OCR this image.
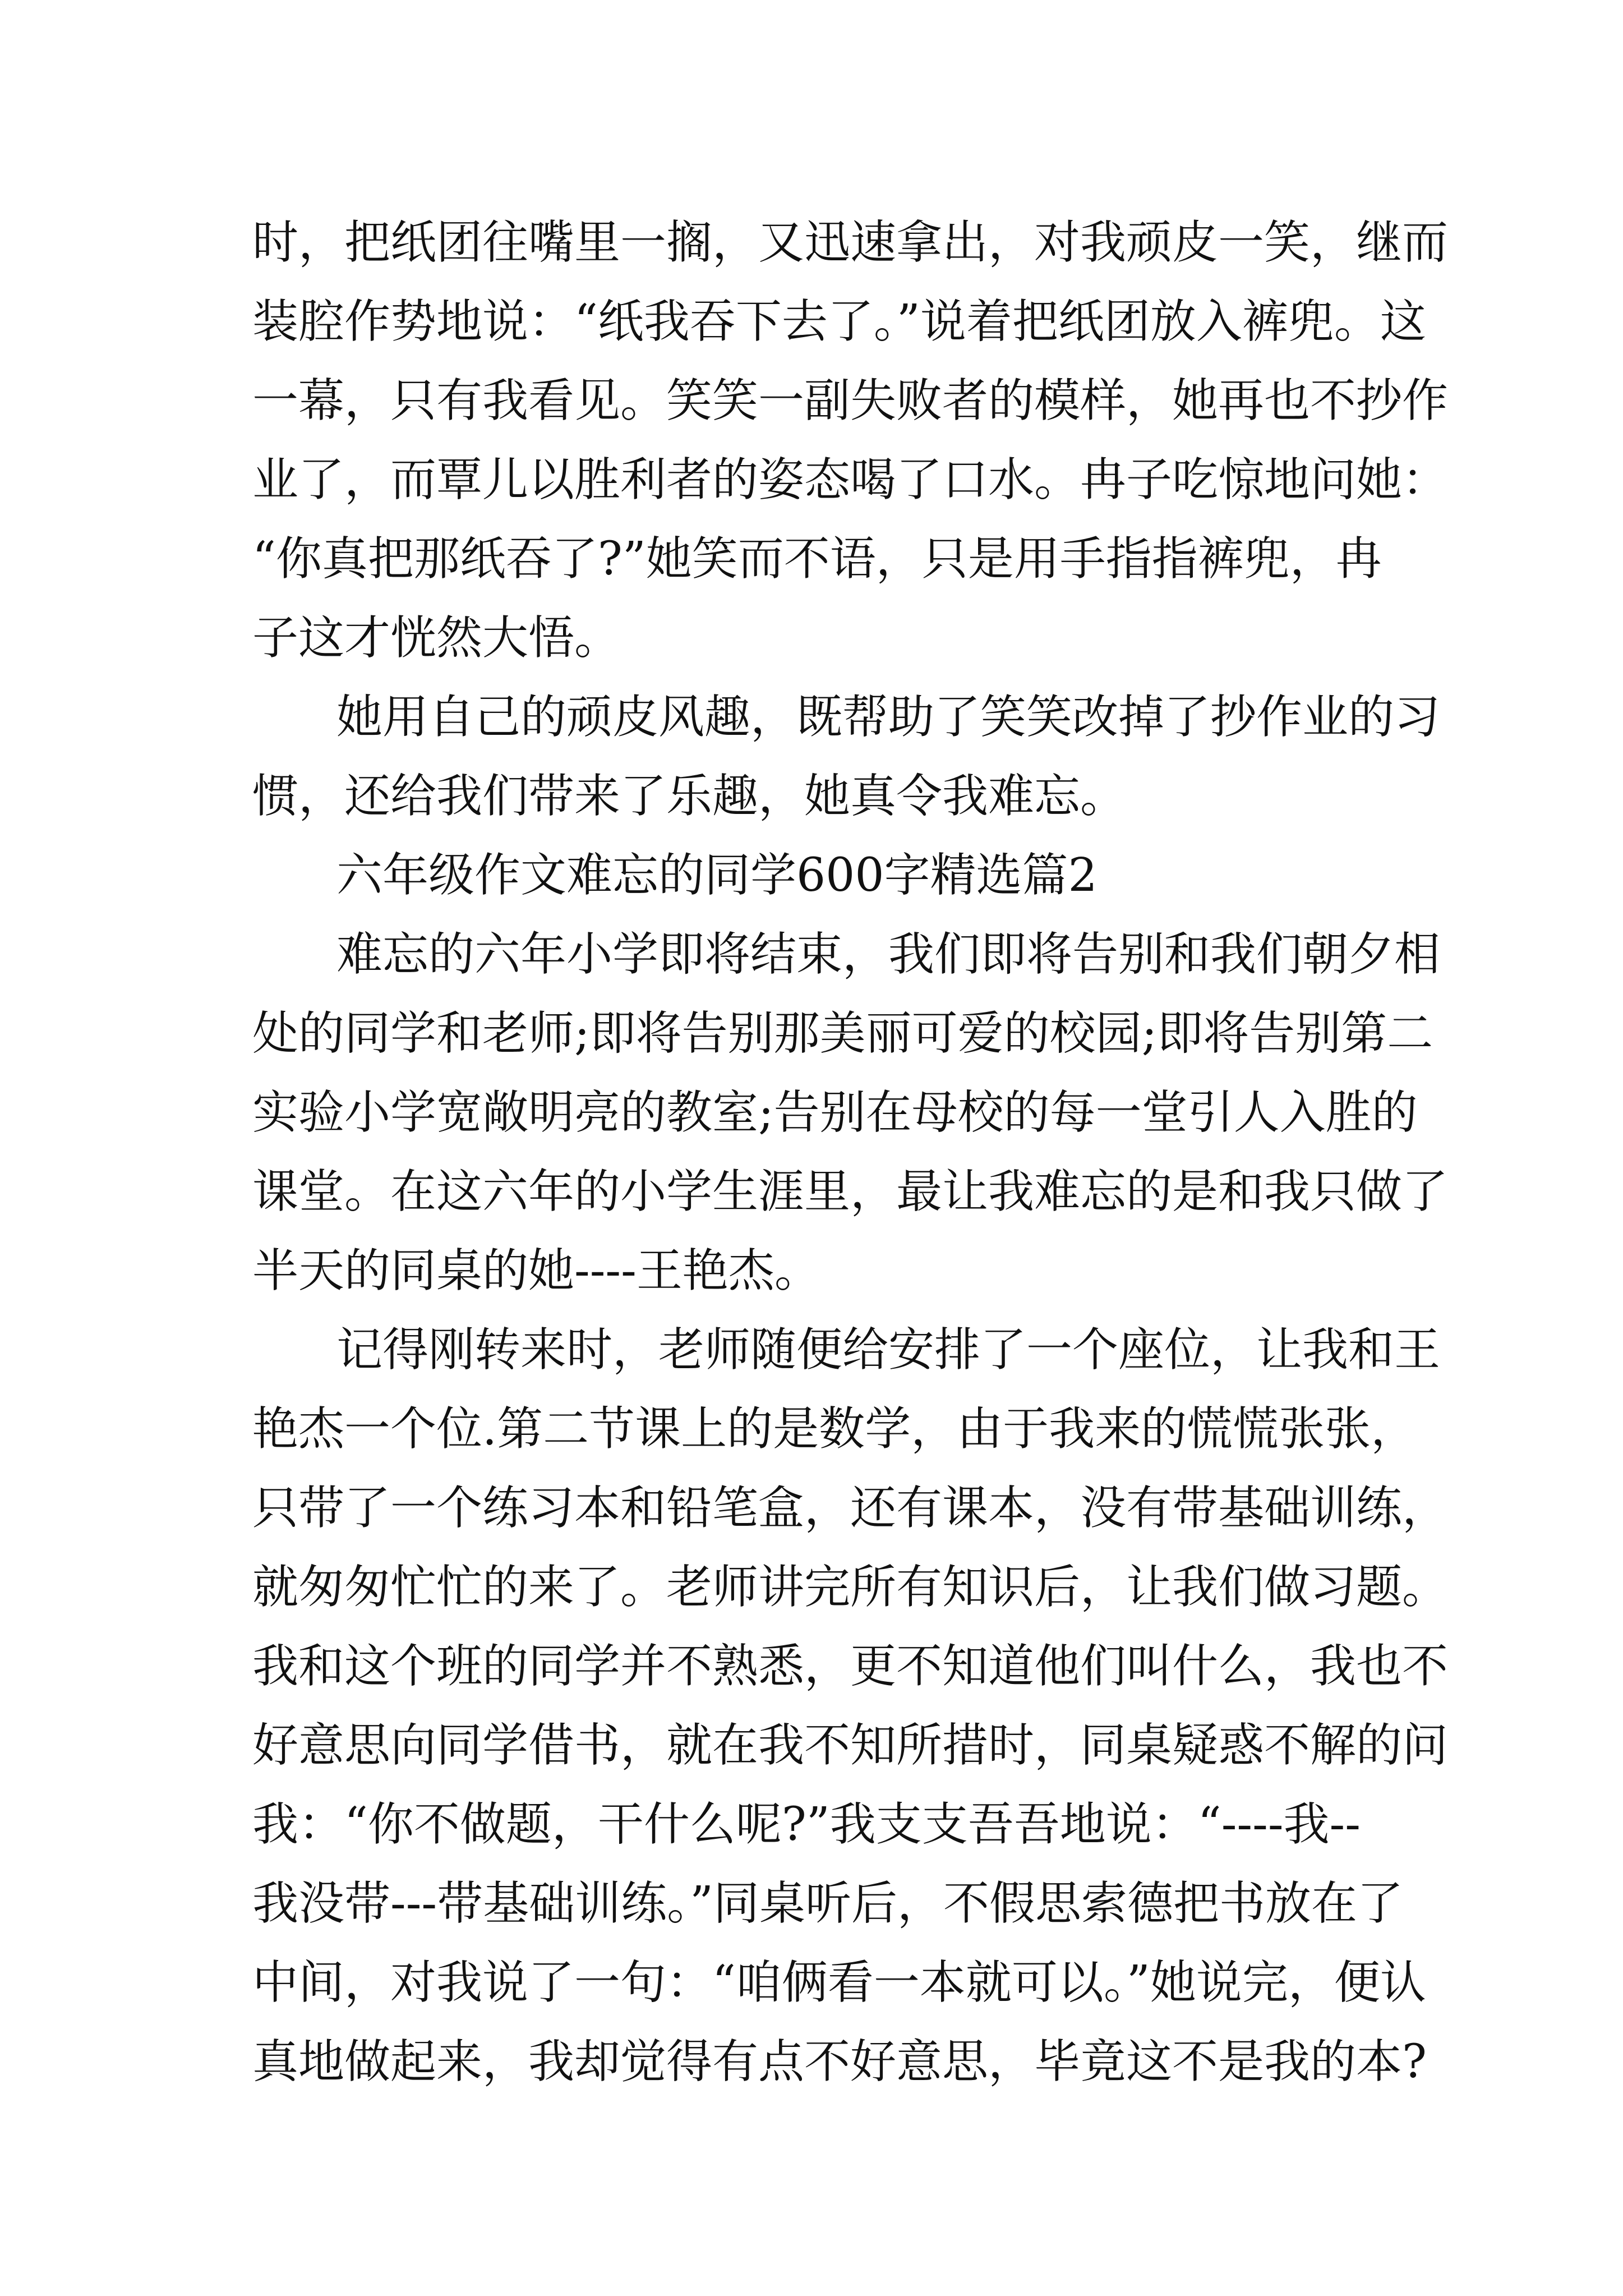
时，把纸团往嘴里一搁，又迅速拿出，对我顽皮一笑，继而
装腔作势地说：“纸我吞下去了。”说着把纸团放入裤兜。这
一幕，只有我看见。笑笑一副失败者的模样，她再也不抄作
业了，而覃儿以胜利者的姿态喝了口水。冉子吃惊地问她：
“你真把那纸吞了?”她笑而不语，只是用手指指裤兜，冉
子这才恍然大悟。
她用自己的顽皮风趣，既帮助了笑笑改掉了抄作业的习
惯，还给我们带来了乐趣，她真令我难忘。
六年级作文难忘的同学600字精选篇2
难忘的六年小学即将结束，我们即将告别和我们朝夕相
处的同学和老师;即将告别那美丽可爱的校园;即将告别第二
实验小学宽敞明亮的教室;告别在母校的每一堂引人入胜的
课堂。在这六年的小学生涯里，最让我难忘的是和我只做了
半天的同桌的她----王艳杰。
记得刚转来时，老师随便给安排了一个座位，让我和王
艳杰一个位.第二节课上的是数学，由于我来的慌慌张张，
只带了一个练习本和铅笔盒，还有课本，没有带基础训练，
就匆匆忙忙的来了。老师讲完所有知识后，让我们做习题。
我和这个班的同学并不熟悉，更不知道他们叫什么，我也不
好意思向同学借书，就在我不知所措时，同桌疑惑不解的问
我：“你不做题，干什么呢?”我支支吾吾地说：“----我--
我没带---带基础训练。”同桌听后，不假思索德把书放在了
中间，对我说了一句：“咱俩看一本就可以。”她说完，便认
真地做起来，我却觉得有点不好意思，毕竟这不是我的本?
